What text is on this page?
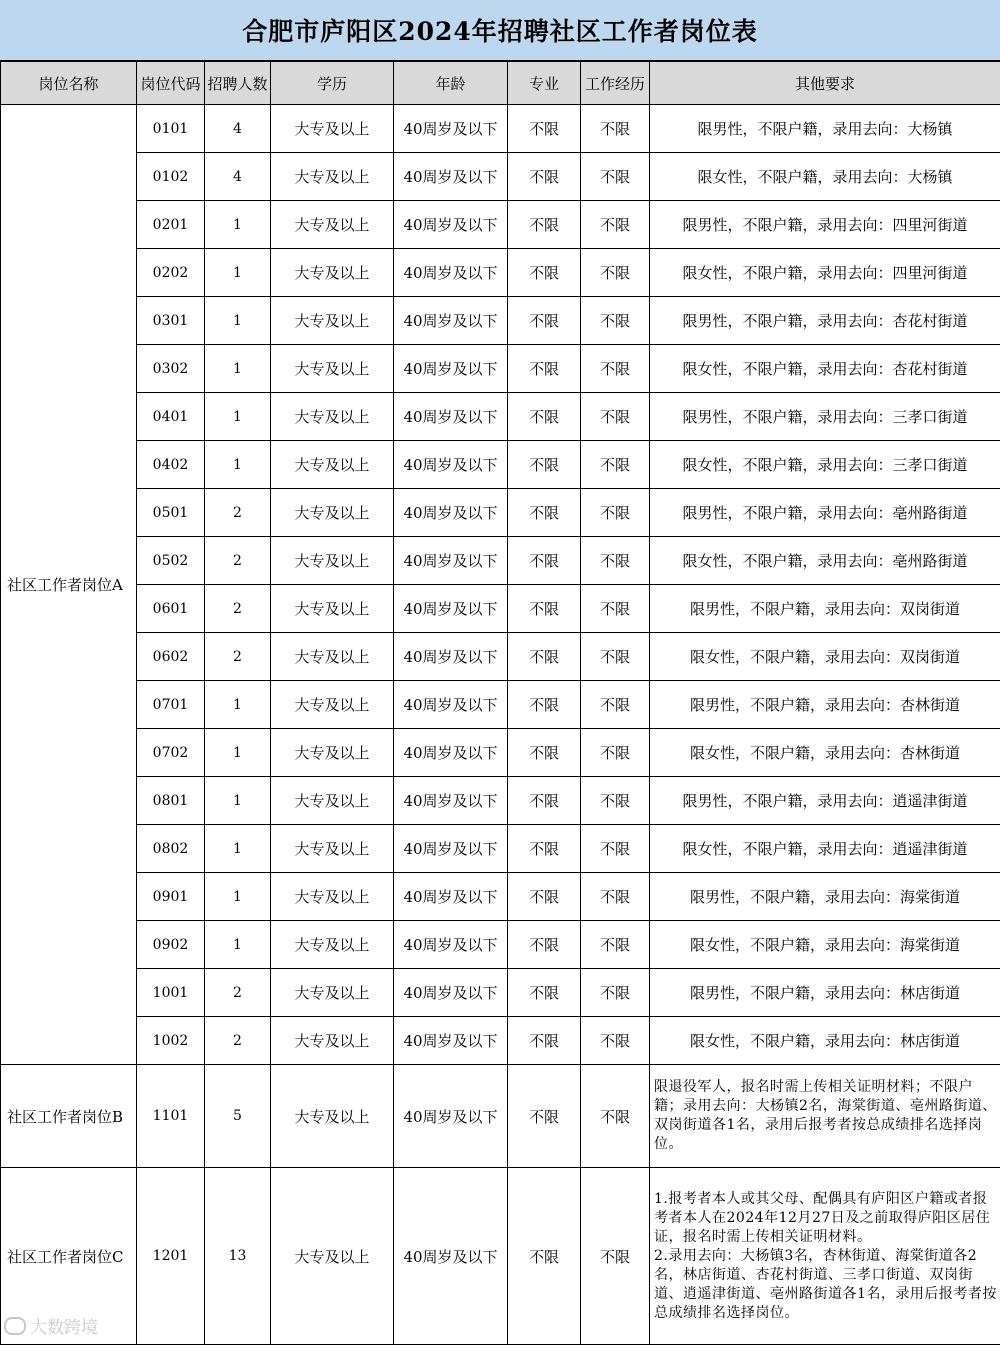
合肥市庐阳区2024年招聘社区工作者岗位表
岗位名称	岗位代码	招聘人数	学历	年龄	专业	工作经历	其他要求
社区工作者岗位A	0101	4	大专及以上	40周岁及以下	不限	不限	限男性，不限户籍，录用去向：大杨镇
	0102	4	大专及以上	40周岁及以下	不限	不限	限女性，不限户籍，录用去向：大杨镇
	0201	1	大专及以上	40周岁及以下	不限	不限	限男性，不限户籍，录用去向：四里河街道
	0202	1	大专及以上	40周岁及以下	不限	不限	限女性，不限户籍，录用去向：四里河街道
	0301	1	大专及以上	40周岁及以下	不限	不限	限男性，不限户籍，录用去向：杏花村街道
	0302	1	大专及以上	40周岁及以下	不限	不限	限女性，不限户籍，录用去向：杏花村街道
	0401	1	大专及以上	40周岁及以下	不限	不限	限男性，不限户籍，录用去向：三孝口街道
	0402	1	大专及以上	40周岁及以下	不限	不限	限女性，不限户籍，录用去向：三孝口街道
	0501	2	大专及以上	40周岁及以下	不限	不限	限男性，不限户籍，录用去向：亳州路街道
	0502	2	大专及以上	40周岁及以下	不限	不限	限女性，不限户籍，录用去向：亳州路街道
	0601	2	大专及以上	40周岁及以下	不限	不限	限男性，不限户籍，录用去向：双岗街道
	0602	2	大专及以上	40周岁及以下	不限	不限	限女性，不限户籍，录用去向：双岗街道
	0701	1	大专及以上	40周岁及以下	不限	不限	限男性，不限户籍，录用去向：杏林街道
	0702	1	大专及以上	40周岁及以下	不限	不限	限女性，不限户籍，录用去向：杏林街道
	0801	1	大专及以上	40周岁及以下	不限	不限	限男性，不限户籍，录用去向：逍遥津街道
	0802	1	大专及以上	40周岁及以下	不限	不限	限女性，不限户籍，录用去向：逍遥津街道
	0901	1	大专及以上	40周岁及以下	不限	不限	限男性，不限户籍，录用去向：海棠街道
	0902	1	大专及以上	40周岁及以下	不限	不限	限女性，不限户籍，录用去向：海棠街道
	1001	2	大专及以上	40周岁及以下	不限	不限	限男性，不限户籍，录用去向：林店街道
	1002	2	大专及以上	40周岁及以下	不限	不限	限女性，不限户籍，录用去向：林店街道
社区工作者岗位B	1101	5	大专及以上	40周岁及以下	不限	不限	限退役军人，报名时需上传相关证明材料；不限户籍；录用去向：大杨镇2名，海棠街道、亳州路街道、双岗街道各1名，录用后报考者按总成绩排名选择岗位。
社区工作者岗位C	1201	13	大专及以上	40周岁及以下	不限	不限	1.报考者本人或其父母、配偶具有庐阳区户籍或者报考者本人在2024年12月27日及之前取得庐阳区居住证，报名时需上传相关证明材料。
2.录用去向：大杨镇3名，杏林街道、海棠街道各2名，林店街道、杏花村街道、三孝口街道、双岗街道、逍遥津街道、亳州路街道各1名，录用后报考者按总成绩排名选择岗位。
大数跨境
